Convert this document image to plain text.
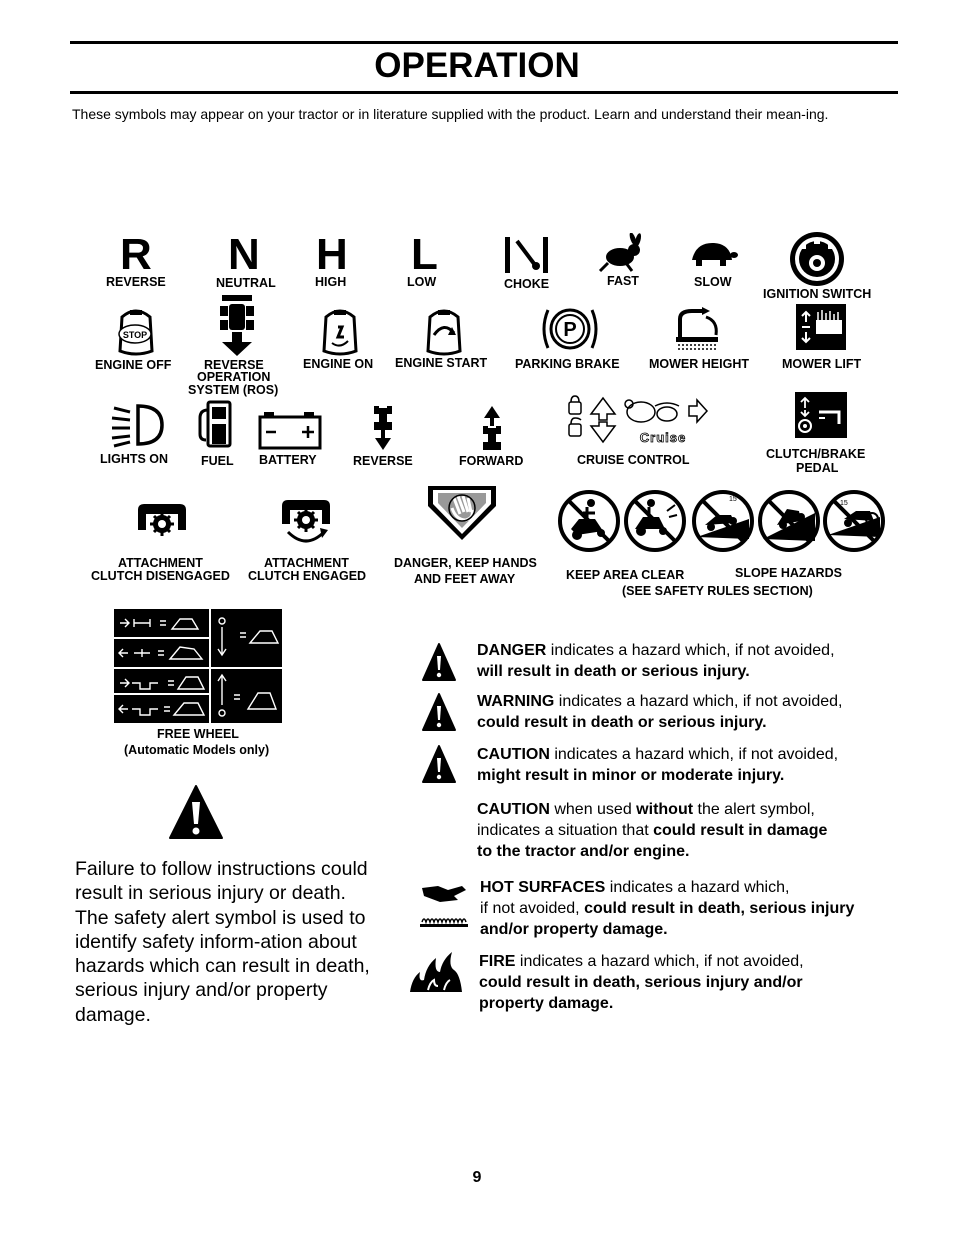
OPERATION
These symbols may appear on your tractor or in literature supplied with the product. Learn and understand their mean-ing.
R
REVERSE
N
NEUTRAL
H
HIGH
L
LOW	CHOKE	FAST	SLOW
IGNITION SWITCH
STOP
ENGINE OFF	REVERSE
OPERATION
SYSTEM (ROS)
ENGINE ON ENGINE START
P
PARKING BRAKE MOWER HEIGHT	MOWER LIFT
LIGHTS ON	FUEL BATTERY	REVERSE	FORWARD
Cruise
CRUISE CONTROL	CLUTCH/BRAKE
PEDAL
ATTACHMENT
CLUTCH DISENGAGED
ATTACHMENT
CLUTCH ENGAGED
DANGER, KEEP HANDS
AND FEET AWAY
15
15
KEEP AREA CLEAR	SLOPE HAZARDS
(SEE SAFETY RULES SECTION)
FREE WHEEL
(Automatic Models only)
Failure to follow instructions could result in serious injury or death. The safety alert symbol is used to identify safety inform-ation about hazards which can result in death, serious injury and/or property damage.
DANGER indicates a hazard which, if not avoided,
will result in death or serious injury.
WARNING indicates a hazard which, if not avoided,
could result in death or serious injury.
CAUTION indicates a hazard which, if not avoided,
might result in minor or moderate injury.
CAUTION when used without the alert symbol,
indicates a situation that could result in damage
to the tractor and/or engine.
HOT SURFACES indicates a hazard which,
if not avoided, could result in death, serious injury
and/or property damage.
FIRE indicates a hazard which, if not avoided,
could result in death, serious injury and/or
property damage.
9
